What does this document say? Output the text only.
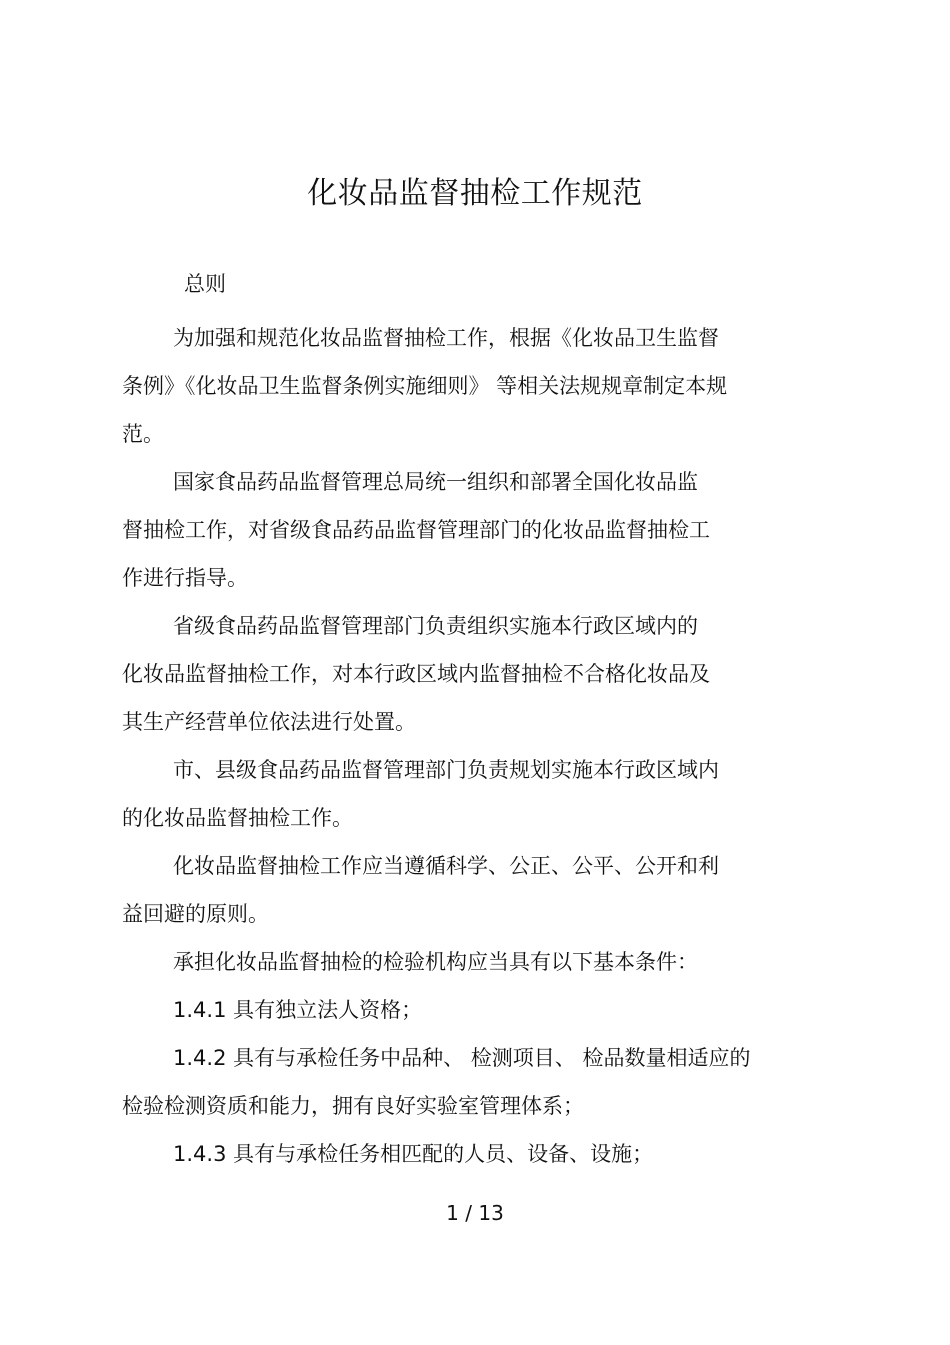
化妆品监督抽检工作规范
总则
为加强和规范化妆品监督抽检工作，根据《化妆品卫生监督
条例》《化妆品卫生监督条例实施细则》 等相关法规规章制定本规
范。
国家食品药品监督管理总局统一组织和部署全国化妆品监
督抽检工作，对省级食品药品监督管理部门的化妆品监督抽检工
作进行指导。
省级食品药品监督管理部门负责组织实施本行政区域内的
化妆品监督抽检工作，对本行政区域内监督抽检不合格化妆品及
其生产经营单位依法进行处置。
市、县级食品药品监督管理部门负责规划实施本行政区域内
的化妆品监督抽检工作。
化妆品监督抽检工作应当遵循科学、公正、公平、公开和利
益回避的原则。
承担化妆品监督抽检的检验机构应当具有以下基本条件：
1.4.1 具有独立法人资格；
1.4.2 具有与承检任务中品种、 检测项目、 检品数量相适应的
检验检测资质和能力，拥有良好实验室管理体系；
1.4.3 具有与承检任务相匹配的人员、设备、设施；
1 / 13
